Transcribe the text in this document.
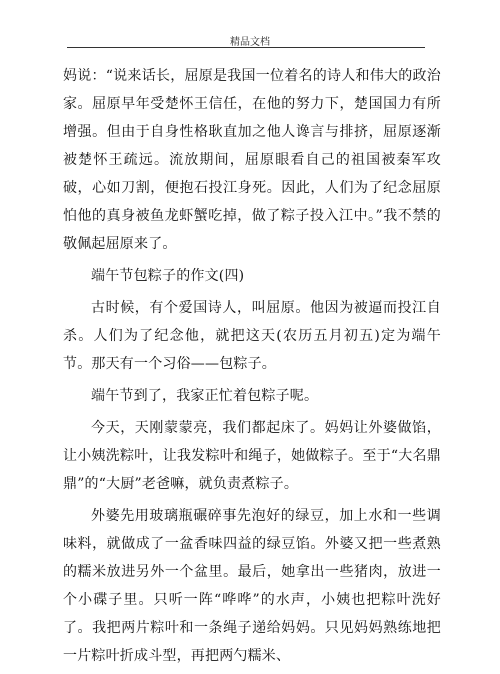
精品文档

妈说：“说来话长，屈原是我国一位着名的诗人和伟大的政治家。屈原早年受楚怀王信任，在他的努力下，楚国国力有所增强。但由于自身性格耿直加之他人谗言与排挤，屈原逐渐被楚怀王疏远。流放期间，屈原眼看自己的祖国被秦军攻破，心如刀割，便抱石投江身死。因此，人们为了纪念屈原怕他的真身被鱼龙虾蟹吃掉，做了粽子投入江中。”我不禁的敬佩起屈原来了。

端午节包粽子的作文(四)

古时候，有个爱国诗人，叫屈原。他因为被逼而投江自杀。人们为了纪念他，就把这天(农历五月初五)定为端午节。那天有一个习俗——包粽子。

端午节到了，我家正忙着包粽子呢。

今天，天刚蒙蒙亮，我们都起床了。妈妈让外婆做馅，让小姨洗粽叶，让我发粽叶和绳子，她做粽子。至于“大名鼎鼎”的“大厨”老爸嘛，就负责煮粽子。

外婆先用玻璃瓶碾碎事先泡好的绿豆，加上水和一些调味料，就做成了一盆香味四益的绿豆馅。外婆又把一些煮熟的糯米放进另外一个盆里。最后，她拿出一些猪肉，放进一个小碟子里。只听一阵“哗哗”的水声，小姨也把粽叶洗好了。我把两片粽叶和一条绳子递给妈妈。只见妈妈熟练地把一片粽叶折成斗型，再把两勺糯米、
